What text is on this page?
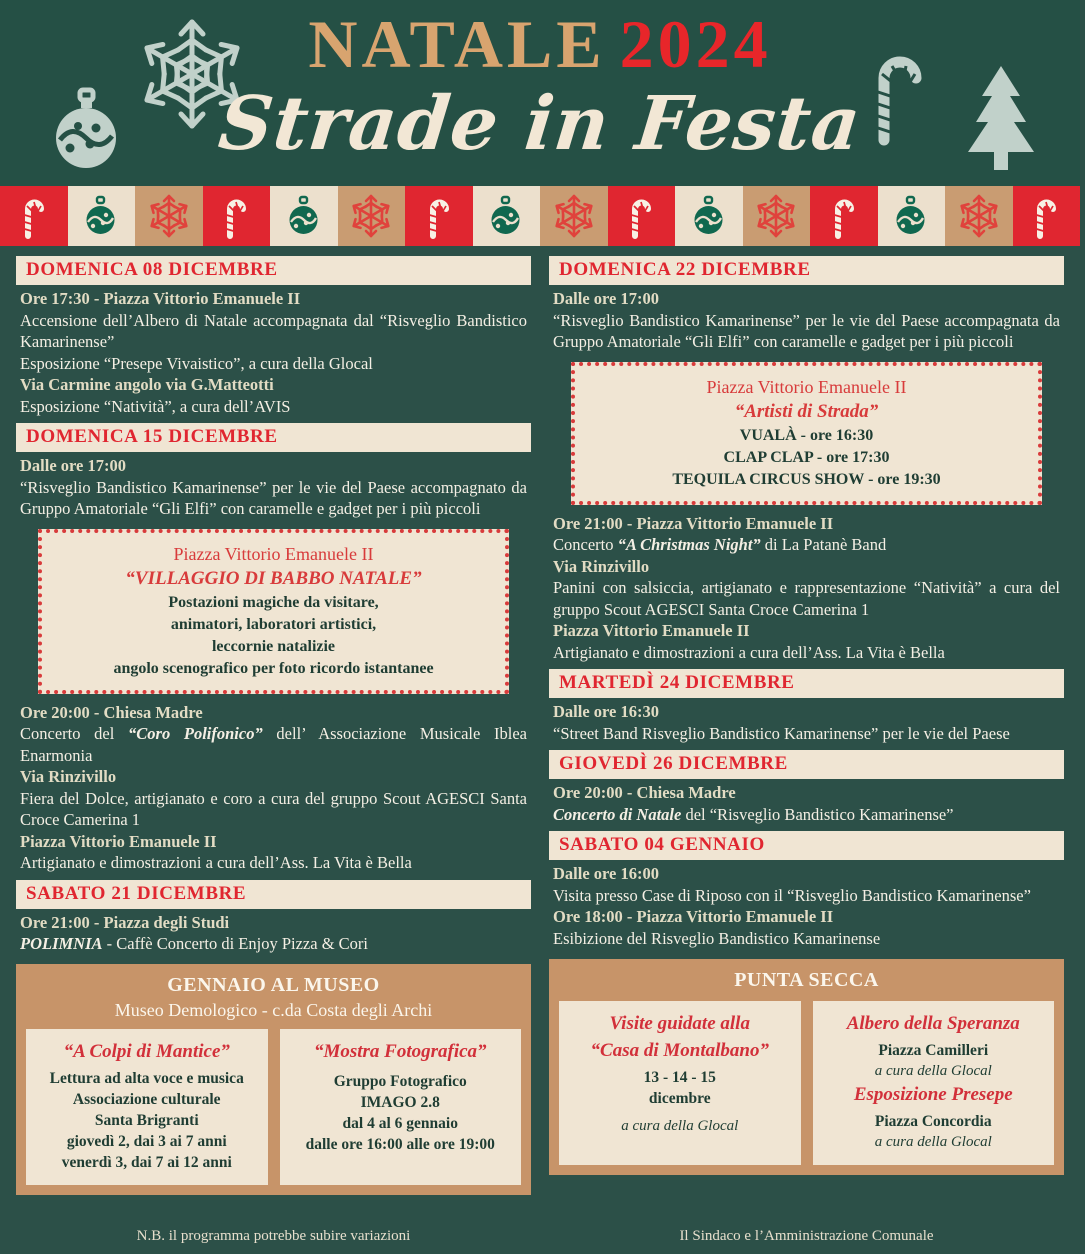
NATALE 2024
Strade in Festa
DOMENICA 08 DICEMBRE
Ore 17:30 - Piazza Vittorio Emanuele II
Accensione dell’Albero di Natale accompagnata dal “Risveglio Bandistico Kamarinense”
Esposizione “Presepe Vivaistico”, a cura della Glocal
Via Carmine angolo via G.Matteotti
Esposizione “Natività”, a cura dell’AVIS
DOMENICA 15 DICEMBRE
Dalle ore 17:00
“Risveglio Bandistico Kamarinense” per le vie del Paese accompagnato da Gruppo Amatoriale “Gli Elfi” con caramelle e gadget per i più piccoli
Piazza Vittorio Emanuele II
“VILLAGGIO DI BABBO NATALE”
Postazioni magiche da visitare,
animatori, laboratori artistici,
leccornie natalizie
angolo scenografico per foto ricordo istantanee
Ore 20:00 - Chiesa Madre
Concerto del “Coro Polifonico” dell’ Associazione Musicale Iblea Enarmonia
Via Rinzivillo
Fiera del Dolce, artigianato e coro a cura del gruppo Scout AGESCI Santa Croce Camerina 1
Piazza Vittorio Emanuele II
Artigianato e dimostrazioni a cura dell’Ass. La Vita è Bella
SABATO 21 DICEMBRE
Ore 21:00 - Piazza degli Studi
POLIMNIA - Caffè Concerto di Enjoy Pizza & Cori
GENNAIO AL MUSEO
Museo Demologico - c.da Costa degli Archi
“A Colpi di Mantice”
Lettura ad alta voce e musica
Associazione culturale
Santa Brigranti
giovedì 2, dai 3 ai 7 anni
venerdì 3, dai 7 ai 12 anni
“Mostra Fotografica”
Gruppo Fotografico
IMAGO 2.8
dal 4 al 6 gennaio
dalle ore 16:00 alle ore 19:00
DOMENICA 22 DICEMBRE
Dalle ore 17:00
“Risveglio Bandistico Kamarinense” per le vie del Paese accompagnata da Gruppo Amatoriale “Gli Elfi” con caramelle e gadget per i più piccoli
Piazza Vittorio Emanuele II
“Artisti di Strada”
VUALÀ - ore 16:30
CLAP CLAP - ore 17:30
TEQUILA CIRCUS SHOW - ore 19:30
Ore 21:00 - Piazza Vittorio Emanuele II
Concerto “A Christmas Night” di La Patanè Band
Via Rinzivillo
Panini con salsiccia, artigianato e rappresentazione “Natività” a cura del gruppo Scout AGESCI Santa Croce Camerina 1
Piazza Vittorio Emanuele II
Artigianato e dimostrazioni a cura dell’Ass. La Vita è Bella
MARTEDÌ 24 DICEMBRE
Dalle ore 16:30
“Street Band Risveglio Bandistico Kamarinense” per le vie del Paese
GIOVEDÌ 26 DICEMBRE
Ore 20:00 - Chiesa Madre
Concerto di Natale del “Risveglio Bandistico Kamarinense”
SABATO 04 GENNAIO
Dalle ore 16:00
Visita presso Case di Riposo con il “Risveglio Bandistico Kamarinense”
Ore 18:00 - Piazza Vittorio Emanuele II
Esibizione del Risveglio Bandistico Kamarinense
PUNTA SECCA
Visite guidate alla
“Casa di Montalbano”
13 - 14 - 15
dicembre
a cura della Glocal
Albero della Speranza
Piazza Camilleri
a cura della Glocal
Esposizione Presepe
Piazza Concordia
a cura della Glocal
N.B. il programma potrebbe subire variazioni	Il Sindaco e l’Amministrazione Comunale
